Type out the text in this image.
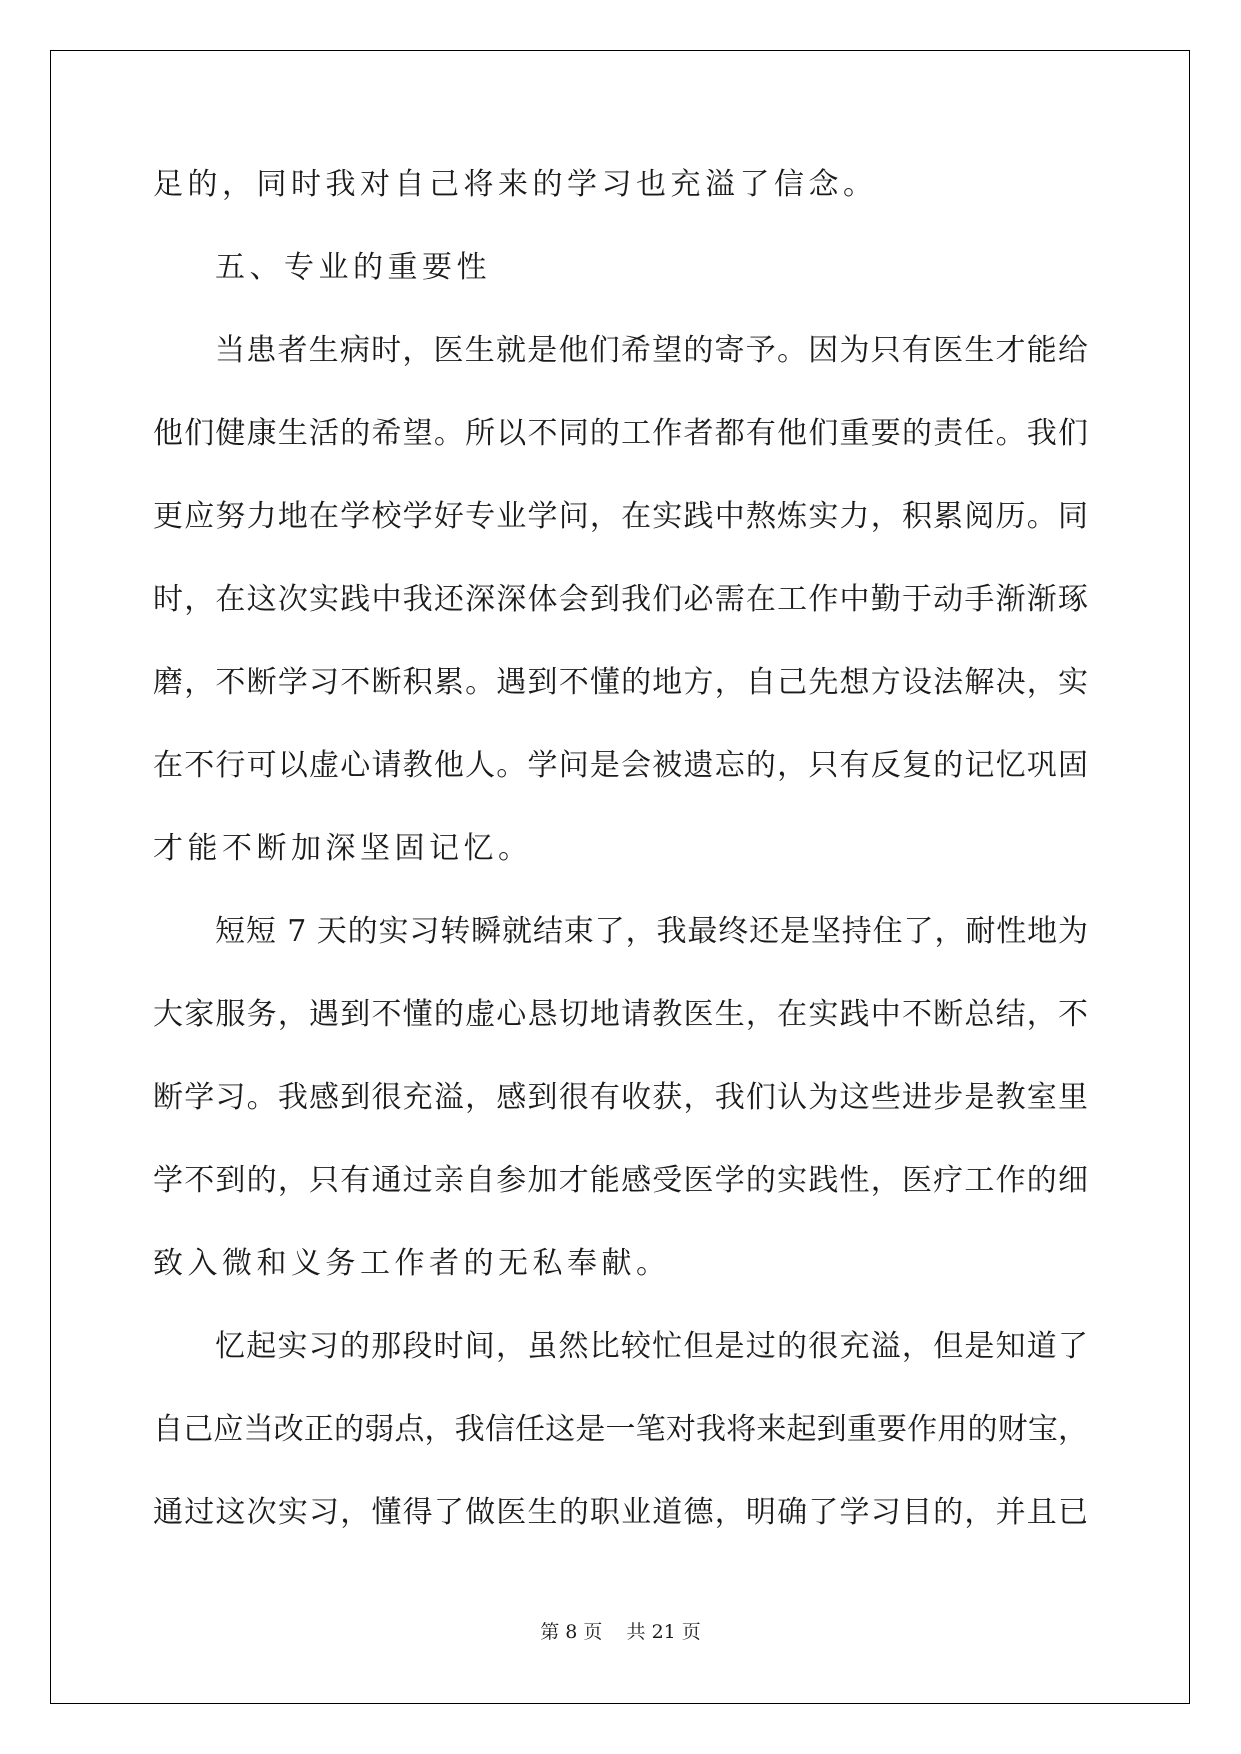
足的，同时我对自己将来的学习也充溢了信念。
五、专业的重要性
当患者生病时，医生就是他们希望的寄予。因为只有医生才能给
他们健康生活的希望。所以不同的工作者都有他们重要的责任。我们
更应努力地在学校学好专业学问，在实践中熬炼实力，积累阅历。同
时，在这次实践中我还深深体会到我们必需在工作中勤于动手渐渐琢
磨，不断学习不断积累。遇到不懂的地方，自己先想方设法解决，实
在不行可以虚心请教他人。学问是会被遗忘的，只有反复的记忆巩固
才能不断加深坚固记忆。
短短 7 天的实习转瞬就结束了，我最终还是坚持住了，耐性地为
大家服务，遇到不懂的虚心恳切地请教医生，在实践中不断总结，不
断学习。我感到很充溢，感到很有收获，我们认为这些进步是教室里
学不到的，只有通过亲自参加才能感受医学的实践性，医疗工作的细
致入微和义务工作者的无私奉献。
忆起实习的那段时间，虽然比较忙但是过的很充溢，但是知道了
自己应当改正的弱点，我信任这是一笔对我将来起到重要作用的财宝，
通过这次实习，懂得了做医生的职业道德，明确了学习目的，并且已
第 8 页 共 21 页
